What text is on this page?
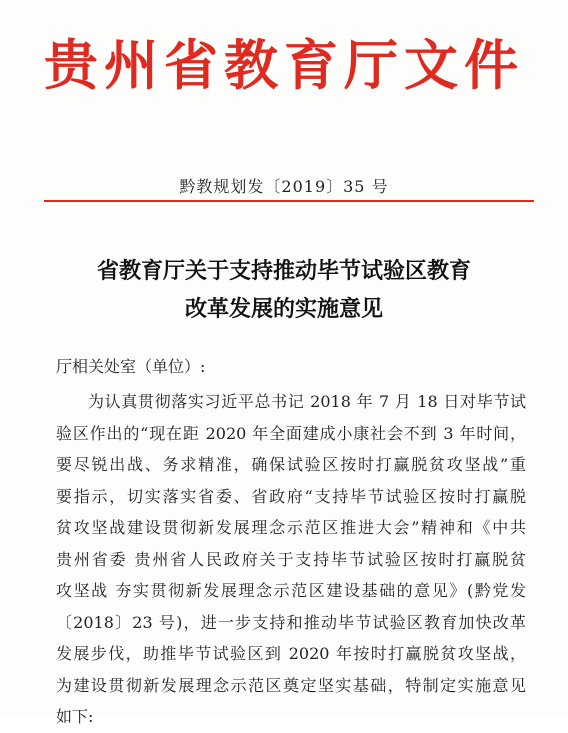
贵州省教育厅文件
黔教规划发〔2019〕35 号
省教育厅关于支持推动毕节试验区教育
改革发展的实施意见
厅相关处室（单位）:
为认真贯彻落实习近平总书记 2018 年 7 月 18 日对毕节试
验区作出的“现在距 2020 年全面建成小康社会不到 3 年时间，
要尽锐出战、务求精准，确保试验区按时打赢脱贫攻坚战”重
要指示，切实落实省委、省政府“支持毕节试验区按时打赢脱
贫攻坚战建设贯彻新发展理念示范区推进大会”精神和《中共
贵州省委 贵州省人民政府关于支持毕节试验区按时打赢脱贫
攻坚战 夯实贯彻新发展理念示范区建设基础的意见》(黔党发
〔2018〕23 号)，进一步支持和推动毕节试验区教育加快改革
发展步伐，助推毕节试验区到 2020 年按时打赢脱贫攻坚战，
为建设贯彻新发展理念示范区奠定坚实基础，特制定实施意见
如下:
